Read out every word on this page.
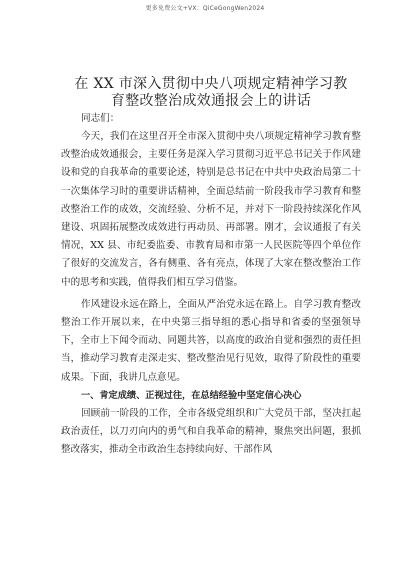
更多免费公文+VX：QiCeGongWen2024
在 XX 市深入贯彻中央八项规定精神学习教
育整改整治成效通报会上的讲话

同志们：

今天，我们在这里召开全市深入贯彻中央八项规定精神学习教育整改整治成效通报会，主要任务是深入学习贯彻习近平总书记关于作风建设和党的自我革命的重要论述，特别是总书记在中共中央政治局第二十一次集体学习时的重要讲话精神，全面总结前一阶段我市学习教育和整改整治工作的成效，交流经验、分析不足，并对下一阶段持续深化作风建设、巩固拓展整改成效进行再动员、再部署。刚才，会议通报了有关情况，XX 县、市纪委监委、市教育局和市第一人民医院等四个单位作了很好的交流发言，各有侧重、各有亮点，体现了大家在整改整治工作中的思考和实践，值得我们相互学习借鉴。

作风建设永远在路上，全面从严治党永远在路上。自学习教育整改整治工作开展以来，在中央第三指导组的悉心指导和省委的坚强领导下，全市上下闻令而动、同题共答，以高度的政治自觉和强烈的责任担当，推动学习教育走深走实、整改整治见行见效，取得了阶段性的重要成果。下面，我讲几点意见。

一、肯定成绩、正视过往，在总结经验中坚定信心决心

回顾前一阶段的工作，全市各级党组织和广大党员干部，坚决扛起政治责任，以刀刃向内的勇气和自我革命的精神，聚焦突出问题，狠抓整改落实，推动全市政治生态持续向好、干部作风
